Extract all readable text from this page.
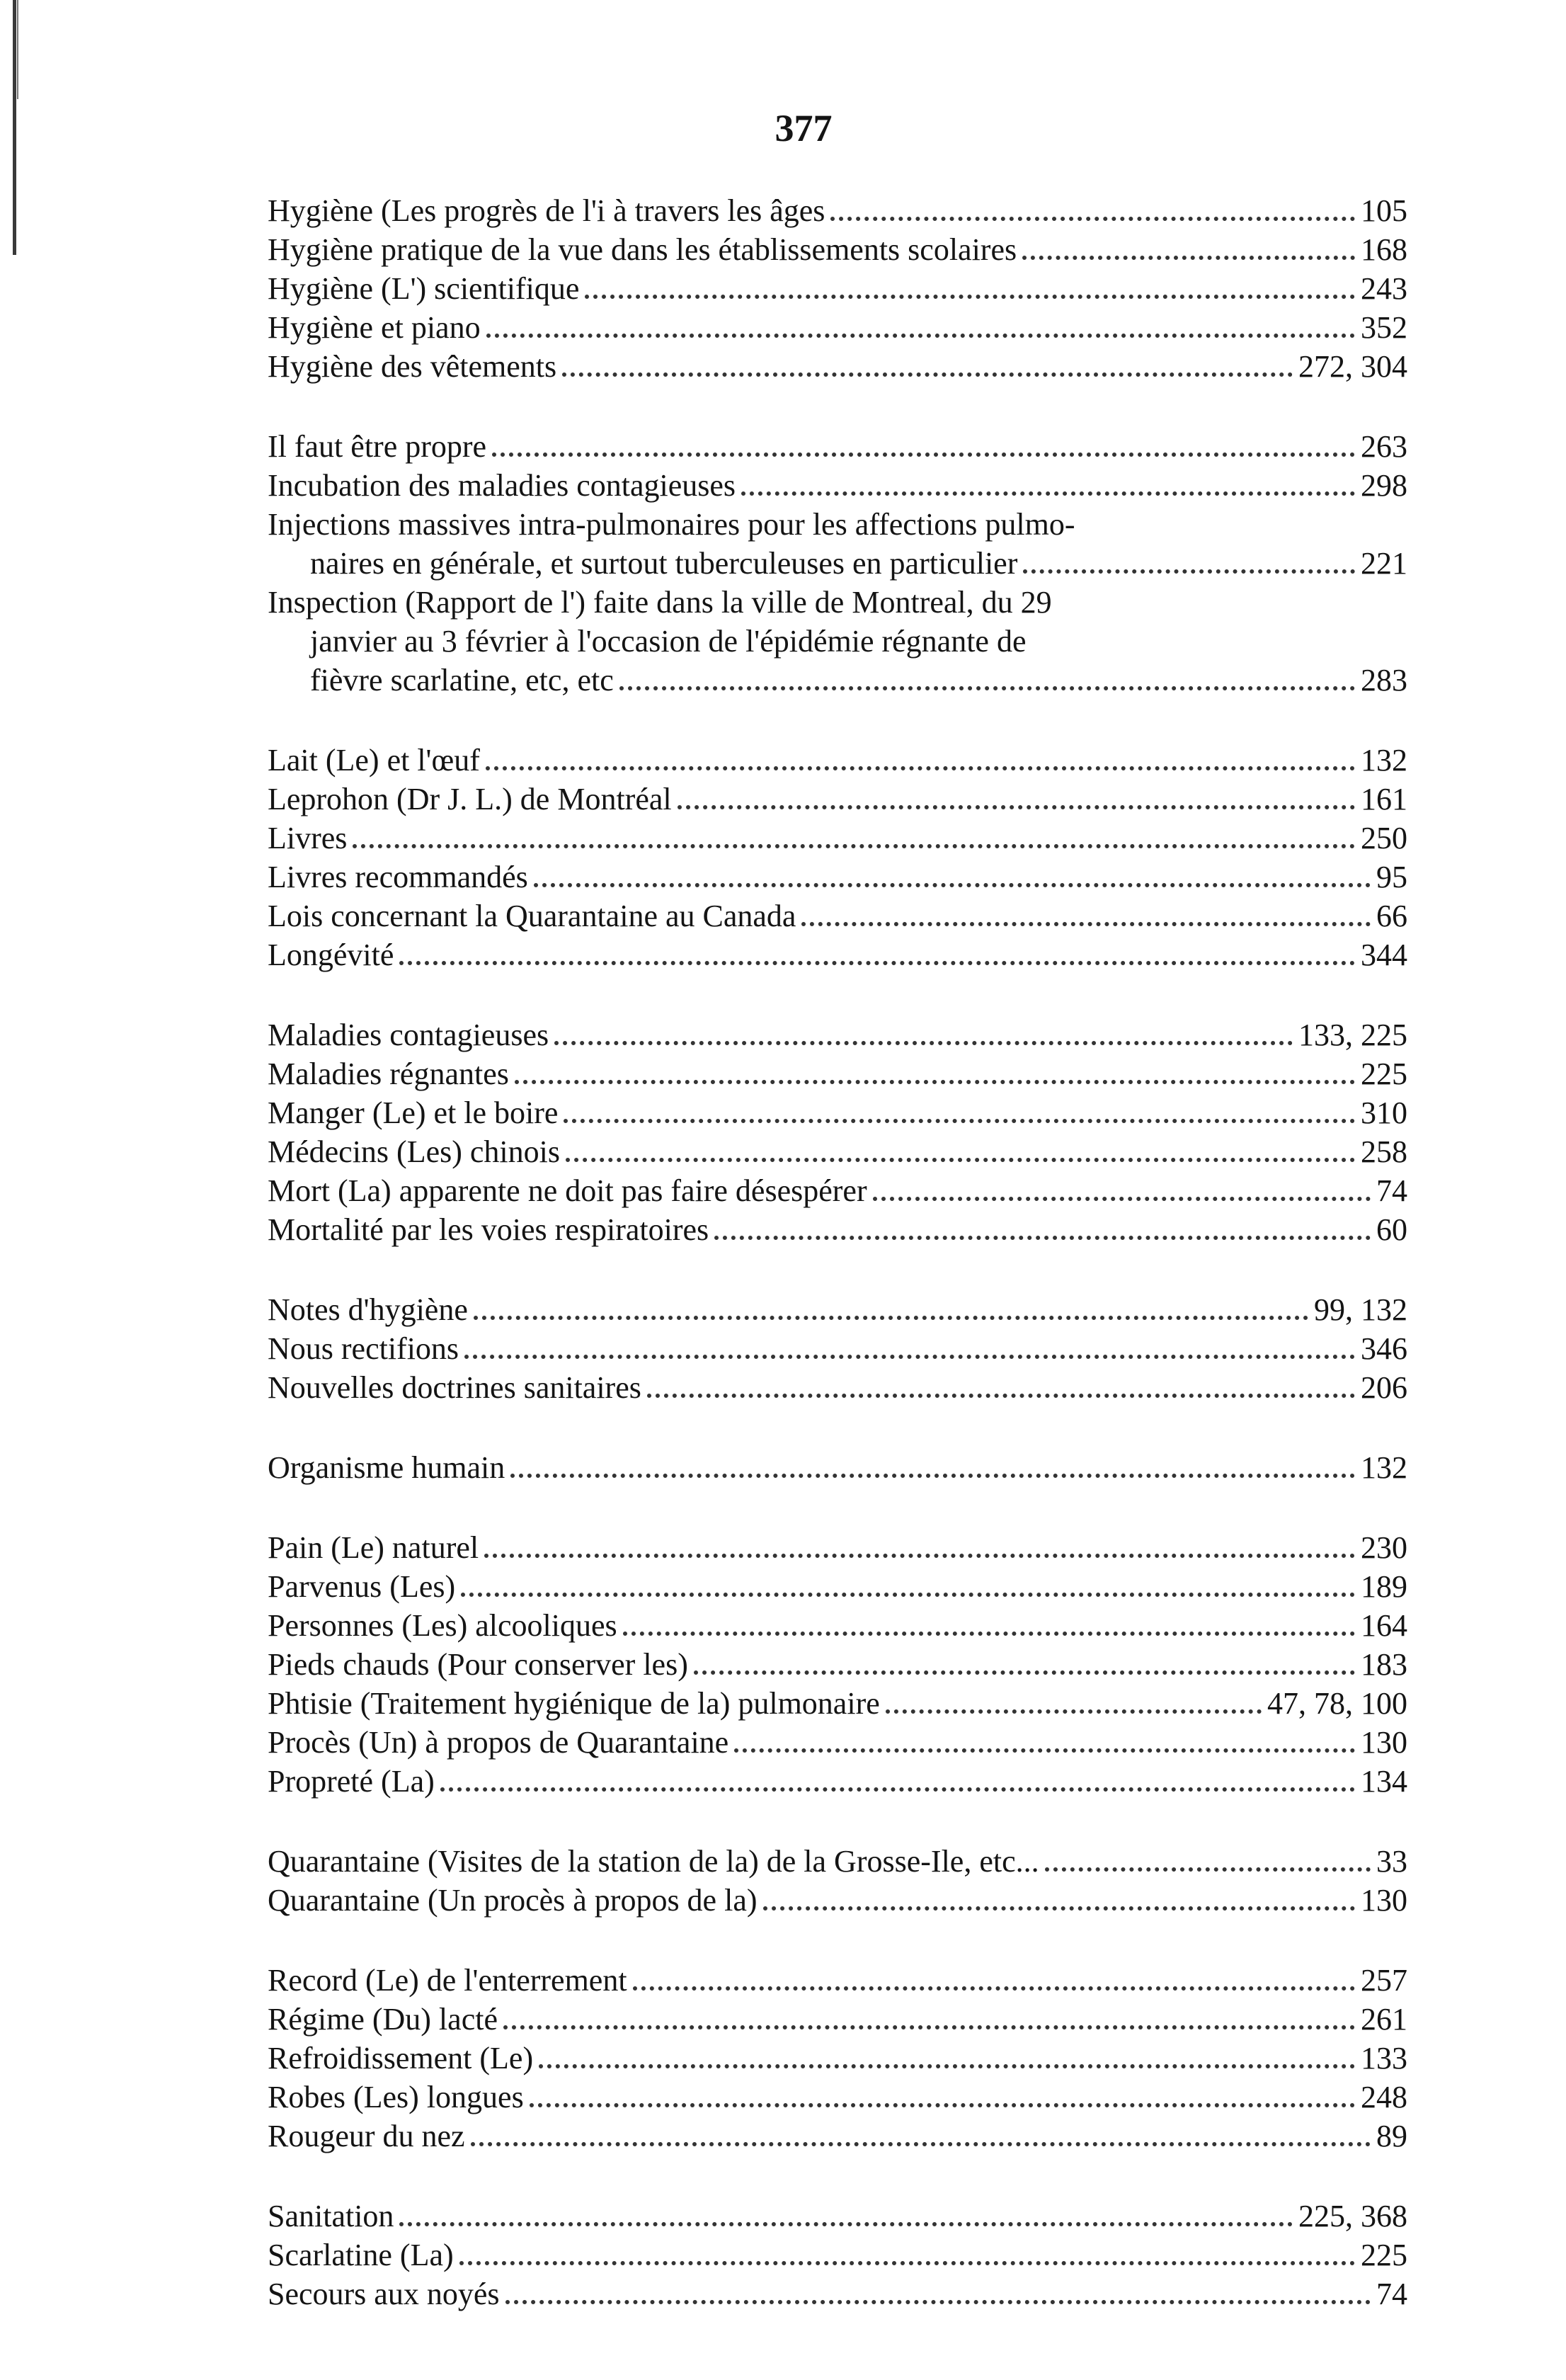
377
Hygiène (Les progrès de l'i à travers les âges	105
Hygiène pratique de la vue dans les établissements scolaires	168
Hygiène (L') scientifique	243
Hygiène et piano	352
Hygiène des vêtements	272, 304
Il faut être propre	263
Incubation des maladies contagieuses	298
Injections massives intra-pulmonaires pour les affections pulmo-
naires en générale, et surtout tuberculeuses en particulier	221
Inspection (Rapport de l') faite dans la ville de Montreal, du 29
janvier au 3 février à l'occasion de l'épidémie régnante de
fièvre scarlatine, etc, etc	283
Lait (Le) et l'œuf	132
Leprohon (Dr J. L.) de Montréal	161
Livres	250
Livres recommandés	95
Lois concernant la Quarantaine au Canada	66
Longévité	344
Maladies contagieuses	133, 225
Maladies régnantes	225
Manger (Le) et le boire	310
Médecins (Les) chinois	258
Mort (La) apparente ne doit pas faire désespérer	74
Mortalité par les voies respiratoires	60
Notes d'hygiène	99, 132
Nous rectifions	346
Nouvelles doctrines sanitaires	206
Organisme humain	132
Pain (Le) naturel	230
Parvenus (Les)	189
Personnes (Les) alcooliques	164
Pieds chauds (Pour conserver les)	183
Phtisie (Traitement hygiénique de la) pulmonaire	47, 78, 100
Procès (Un) à propos de Quarantaine	130
Propreté (La)	134
Quarantaine (Visites de la station de la) de la Grosse-Ile, etc...	33
Quarantaine (Un procès à propos de la)	130
Record (Le) de l'enterrement	257
Régime (Du) lacté	261
Refroidissement (Le)	133
Robes (Les) longues	248
Rougeur du nez	89
Sanitation	225, 368
Scarlatine (La)	225
Secours aux noyés	74
